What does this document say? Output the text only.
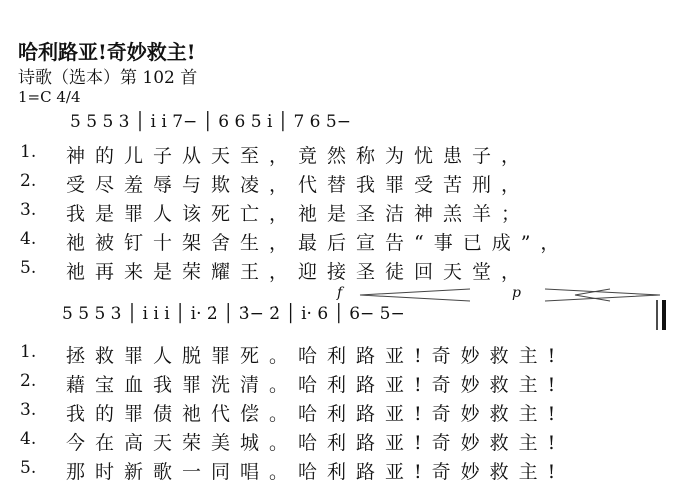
哈利路亚!奇妙救主!
诗歌（选本）第 102 首
1=C 4/4
5 5 5 3 │ i̇ i̇ 7− │ 6 6 5 i̇ │ 7 6 5−
1. 神的儿子从天至，竟然称为忧患子，
2. 受尽羞辱与欺凌，代替我罪受苦刑，
3. 我是罪人该死亡，祂是圣洁神羔羊；
4. 祂被钉十架舍生，最后宣告“事已成”，
5. 祂再来是荣耀王，迎接圣徒回天堂，
f	p
5 5 5 3 │ i̇ i̇ i̇ │ i̇· 2̇ │ 3̇− 2̇ │ i̇· 6 │ 6− 5−
1. 拯救罪人脱罪死。哈利路亚!奇妙救主!
2. 藉宝血我罪洗清。哈利路亚!奇妙救主!
3. 我的罪债祂代偿。哈利路亚!奇妙救主!
4. 今在高天荣美城。哈利路亚!奇妙救主!
5. 那时新歌一同唱。哈利路亚!奇妙救主!
